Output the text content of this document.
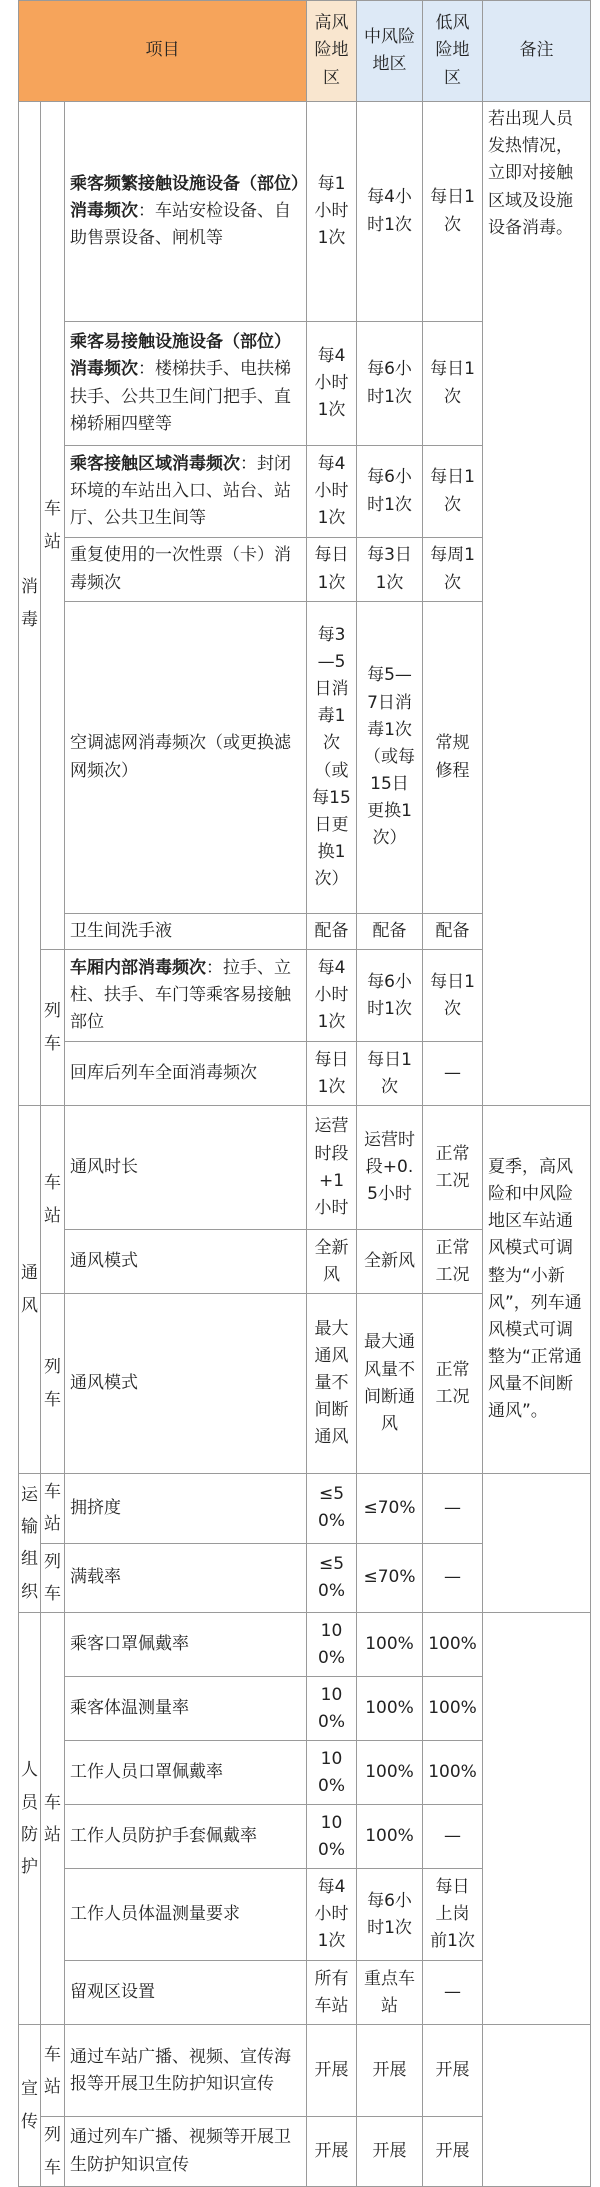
项目			高风险地区	中风险地区	低风险地区	备注
消毒	车站	乘客频繁接触设施设备（部位）消毒频次：车站安检设备、自助售票设备、闸机等	每1小时1次	每4小时1次	每日1次	若出现人员发热情况，立即对接触区域及设施设备消毒。
		乘客易接触设施设备（部位）消毒频次：楼梯扶手、电扶梯扶手、公共卫生间门把手、直梯轿厢四壁等	每4小时1次	每6小时1次	每日1次	
		乘客接触区域消毒频次：封闭环境的车站出入口、站台、站厅、公共卫生间等	每4小时1次	每6小时1次	每日1次	
		重复使用的一次性票（卡）消毒频次	每日1次	每3日1次	每周1次	
		空调滤网消毒频次（或更换滤网频次）	每3—5日消毒1次（或每15日更换1次）	每5—7日消毒1次（或每15日更换1次）	常规修程	
		卫生间洗手液	配备	配备	配备	
	列车	车厢内部消毒频次：拉手、立柱、扶手、车门等乘客易接触部位	每4小时1次	每6小时1次	每日1次	
		回库后列车全面消毒频次	每日1次	每日1次	—	
通风	车站	通风时长	运营时段+1小时	运营时段+0.5小时	正常工况	夏季，高风险和中风险地区车站通风模式可调整为“小新风”，列车通风模式可调整为“正常通风量不间断通风”。
		通风模式	全新风	全新风	正常工况	
	列车	通风模式	最大通风量不间断通风	最大通风量不间断通风	正常工况	
运输组织	车站	拥挤度	≤50%	≤70%	—	
	列车	满载率	≤50%	≤70%	—	
人员防护	车站	乘客口罩佩戴率	100%	100%	100%	
		乘客体温测量率	100%	100%	100%	
		工作人员口罩佩戴率	100%	100%	100%	
		工作人员防护手套佩戴率	100%	100%	—	
		工作人员体温测量要求	每4小时1次	每6小时1次	每日上岗前1次	
		留观区设置	所有车站	重点车站	—	
宣传	车站	通过车站广播、视频、宣传海报等开展卫生防护知识宣传	开展	开展	开展	
	列车	通过列车广播、视频等开展卫生防护知识宣传	开展	开展	开展	
